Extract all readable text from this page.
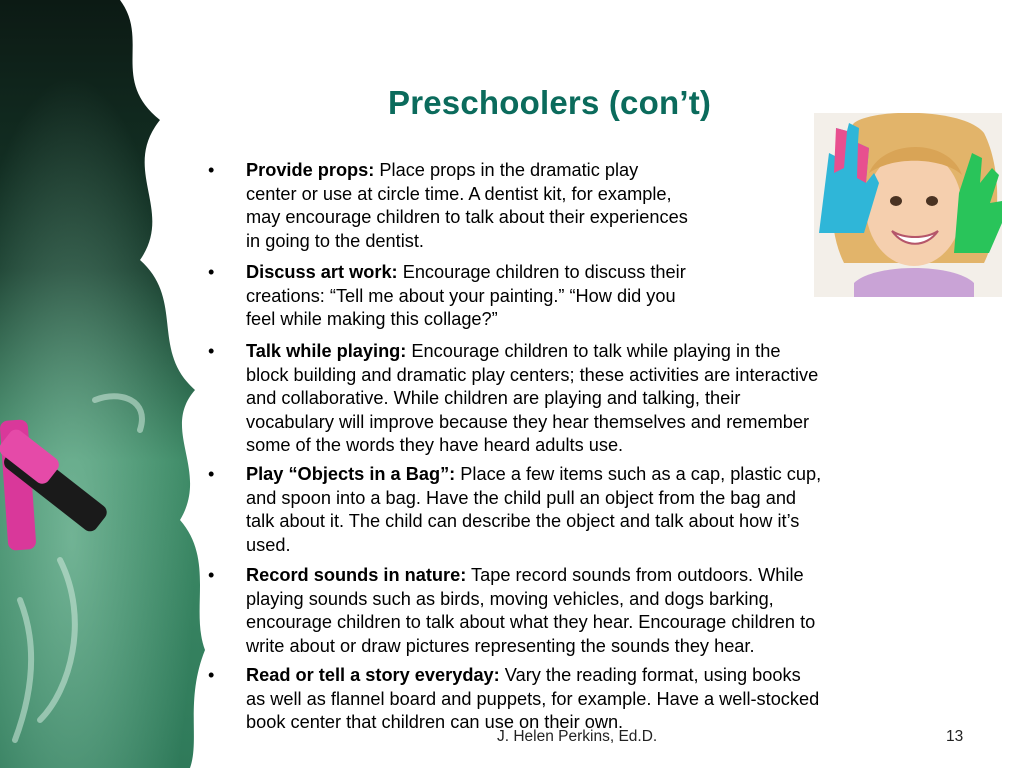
Preschoolers (con’t)
•	Provide props: Place props in the dramatic play
center or use at circle time. A dentist kit, for example,
may encourage children to talk about their experiences
in going to the dentist.
•	Discuss art work: Encourage children to discuss their
creations: “Tell me about your painting.” “How did you
feel while making this collage?”
•	Talk while playing: Encourage children to talk while playing in the
block building and dramatic play centers; these activities are interactive
and collaborative. While children are playing and talking, their
vocabulary will improve because they hear themselves and remember
some of the words they have heard adults use.
•	Play “Objects in a Bag”: Place a few items such as a cap, plastic cup,
and spoon into a bag. Have the child pull an object from the bag and
talk about it. The child can describe the object and talk about how it’s
used.
•	Record sounds in nature: Tape record sounds from outdoors. While
playing sounds such as birds, moving vehicles, and dogs barking,
encourage children to talk about what they hear. Encourage children to
write about or draw pictures representing the sounds they hear.
•	Read or tell a story everyday: Vary the reading format, using books
as well as flannel board and puppets, for example. Have a well-stocked
book center that children can use on their own.
J. Helen Perkins, Ed.D.	13
